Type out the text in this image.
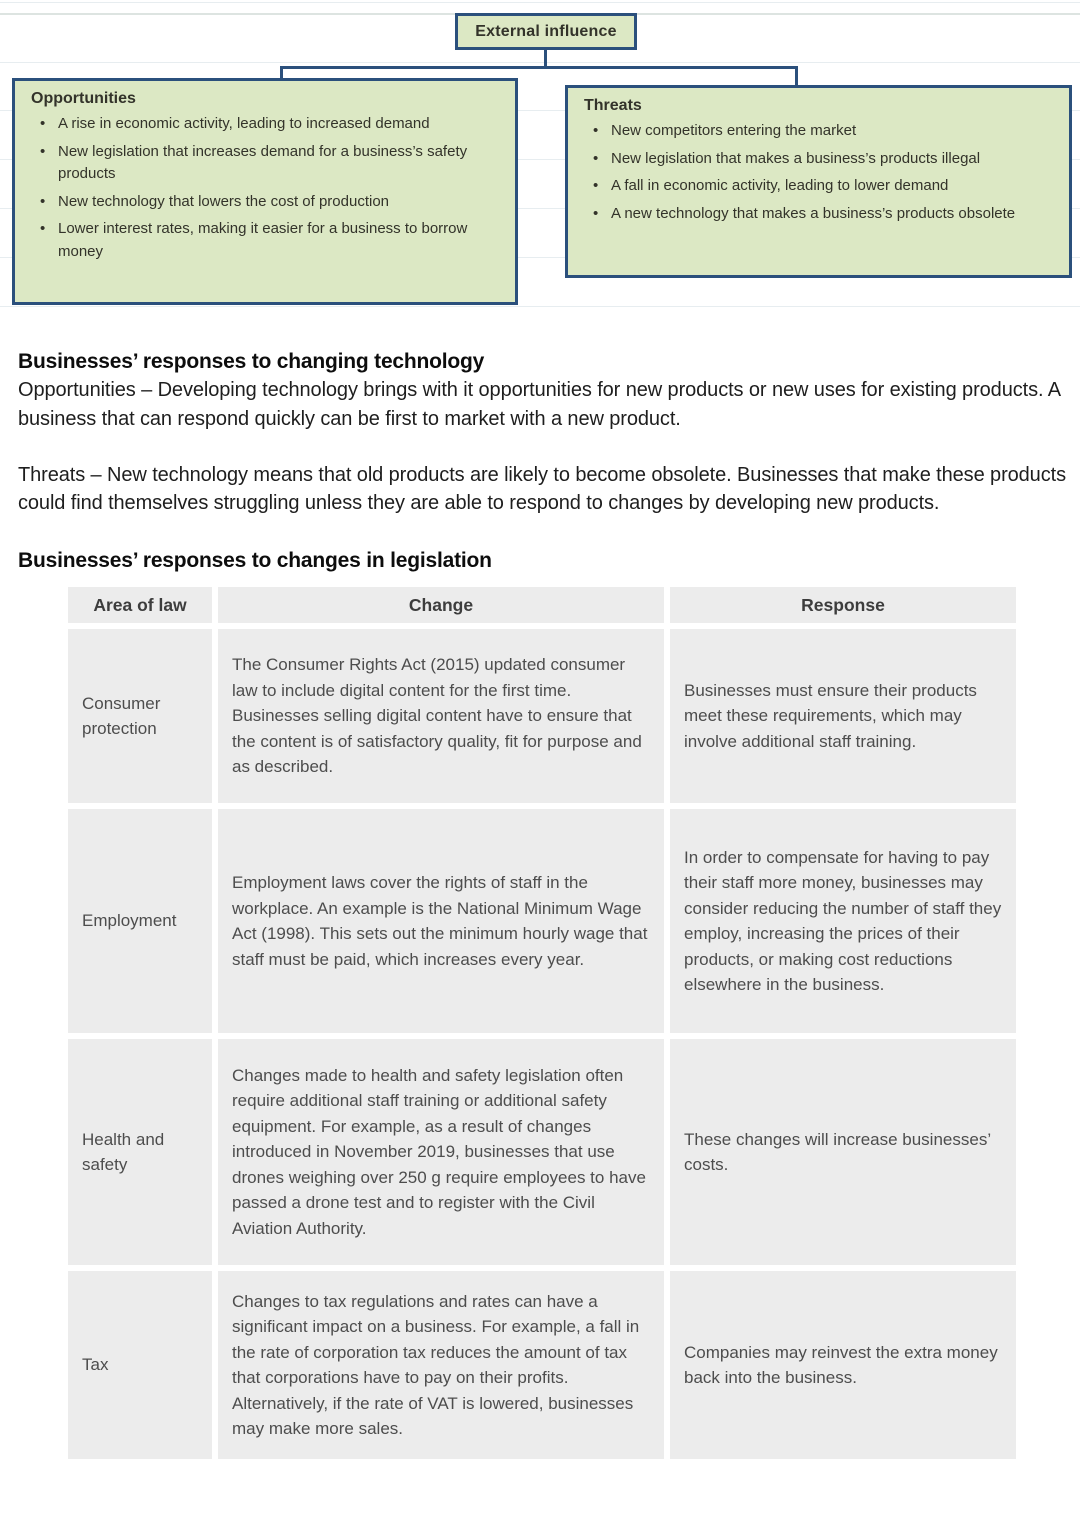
External influence
Opportunities
• A rise in economic activity, leading to increased demand
• New legislation that increases demand for a business’s safety products
• New technology that lowers the cost of production
• Lower interest rates, making it easier for a business to borrow money
Threats
• New competitors entering the market
• New legislation that makes a business’s products illegal
• A fall in economic activity, leading to lower demand
• A new technology that makes a business’s products obsolete
Businesses’ responses to changing technology

Opportunities – Developing technology brings with it opportunities for new products or new uses for existing products. A business that can respond quickly can be first to market with a new product.

Threats – New technology means that old products are likely to become obsolete. Businesses that make these products could find themselves struggling unless they are able to respond to changes by developing new products.

Businesses’ responses to changes in legislation
Area of law	Change	Response
Consumer protection
The Consumer Rights Act (2015) updated consumer law to include digital content for the first time. Businesses selling digital content have to ensure that the content is of satisfactory quality, fit for purpose and as described.
Businesses must ensure their products meet these requirements, which may involve additional staff training.
Employment
Employment laws cover the rights of staff in the workplace. An example is the National Minimum Wage Act (1998). This sets out the minimum hourly wage that staff must be paid, which increases every year.
In order to compensate for having to pay their staff more money, businesses may consider reducing the number of staff they employ, increasing the prices of their products, or making cost reductions elsewhere in the business.
Health and safety
Changes made to health and safety legislation often require additional staff training or additional safety equipment. For example, as a result of changes introduced in November 2019, businesses that use drones weighing over 250 g require employees to have passed a drone test and to register with the Civil Aviation Authority.
These changes will increase businesses’ costs.
Tax
Changes to tax regulations and rates can have a significant impact on a business. For example, a fall in the rate of corporation tax reduces the amount of tax that corporations have to pay on their profits. Alternatively, if the rate of VAT is lowered, businesses may make more sales.
Companies may reinvest the extra money back into the business.
